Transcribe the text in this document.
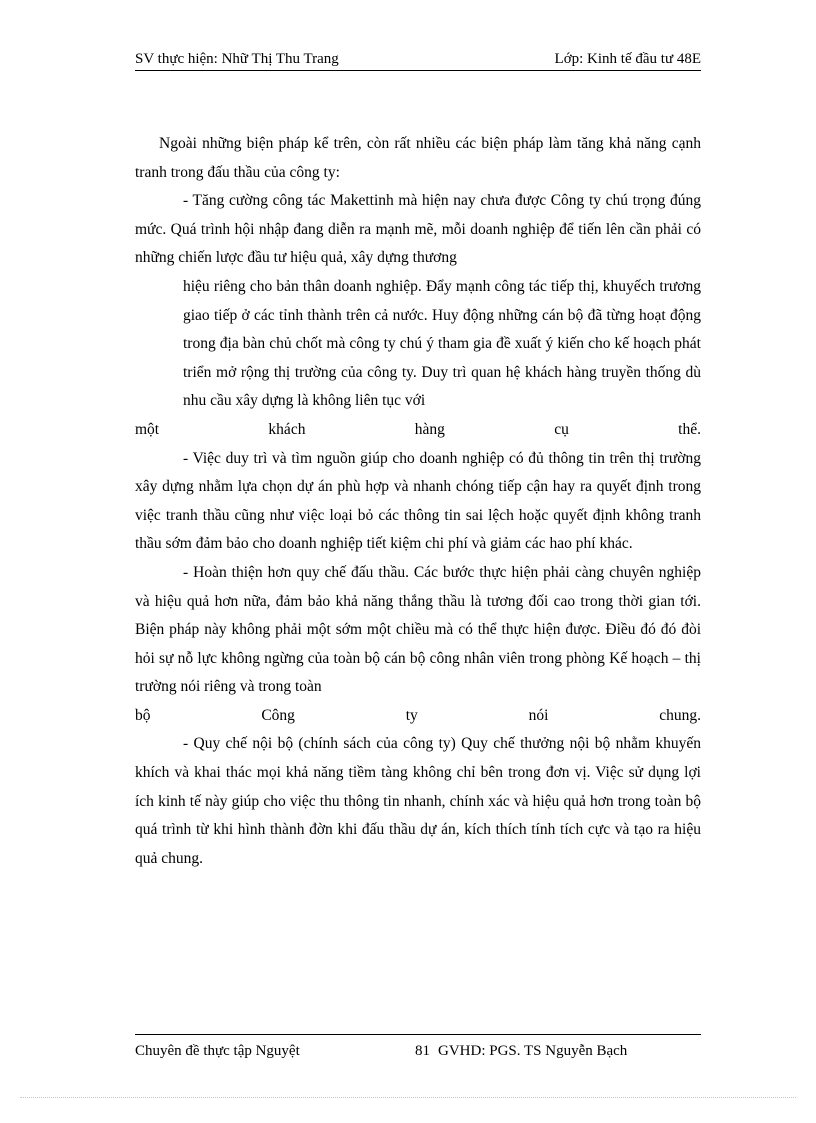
SV thực hiện: Nhữ Thị Thu Trang	Lớp: Kinh tế đầu tư 48E

Ngoài những biện pháp kể trên, còn rất nhiều các biện pháp làm tăng khả năng cạnh tranh trong đấu thầu của công ty:

- Tăng cường công tác Makettinh mà hiện nay chưa được Công ty chú trọng đúng mức. Quá trình hội nhập đang diễn ra mạnh mẽ, mỗi doanh nghiệp để tiến lên cần phải có những chiến lược đầu tư hiệu quả, xây dựng thương

hiệu riêng cho bản thân doanh nghiệp. Đẩy mạnh công tác tiếp thị, khuyếch trương giao tiếp ở các tỉnh thành trên cả nước. Huy động những cán bộ đã từng hoạt động trong địa bàn chủ chốt mà công ty chú ý tham gia đề xuất ý kiến cho kế hoạch phát triển mở rộng thị trường của công ty. Duy trì quan hệ khách hàng truyền thống dù nhu cầu xây dựng là không liên tục với

một khách hàng cụ thể.

- Việc duy trì và tìm nguồn giúp cho doanh nghiệp có đủ thông tin trên thị trường xây dựng nhằm lựa chọn dự án phù hợp và nhanh chóng tiếp cận hay ra quyết định trong việc tranh thầu cũng như việc loại bỏ các thông tin sai lệch hoặc quyết định không tranh thầu sớm đảm bảo cho doanh nghiệp tiết kiệm chi phí và giảm các hao phí khác.

- Hoàn thiện hơn quy chế đấu thầu. Các bước thực hiện phải càng chuyên nghiệp và hiệu quả hơn nữa, đảm bảo khả năng thắng thầu là tương đối cao trong thời gian tới. Biện pháp này không phải một sớm một chiều mà có thể thực hiện được. Điều đó đó đòi hỏi sự nỗ lực không ngừng của toàn bộ cán bộ công nhân viên trong phòng Kế hoạch – thị trường nói riêng và trong toàn

bộ Công ty nói chung.

- Quy chế nội bộ (chính sách của công ty) Quy chế thưởng nội bộ nhằm khuyến khích và khai thác mọi khả năng tiềm tàng không chỉ bên trong đơn vị. Việc sử dụng lợi ích kinh tế này giúp cho việc thu thông tin nhanh, chính xác và hiệu quả hơn trong toàn bộ quá trình từ khi hình thành đờn khi đấu thầu dự án, kích thích tính tích cực và tạo ra hiệu quả chung.

Chuyên đề thực tập Nguyệt	81 GVHD: PGS. TS Nguyễn Bạch
